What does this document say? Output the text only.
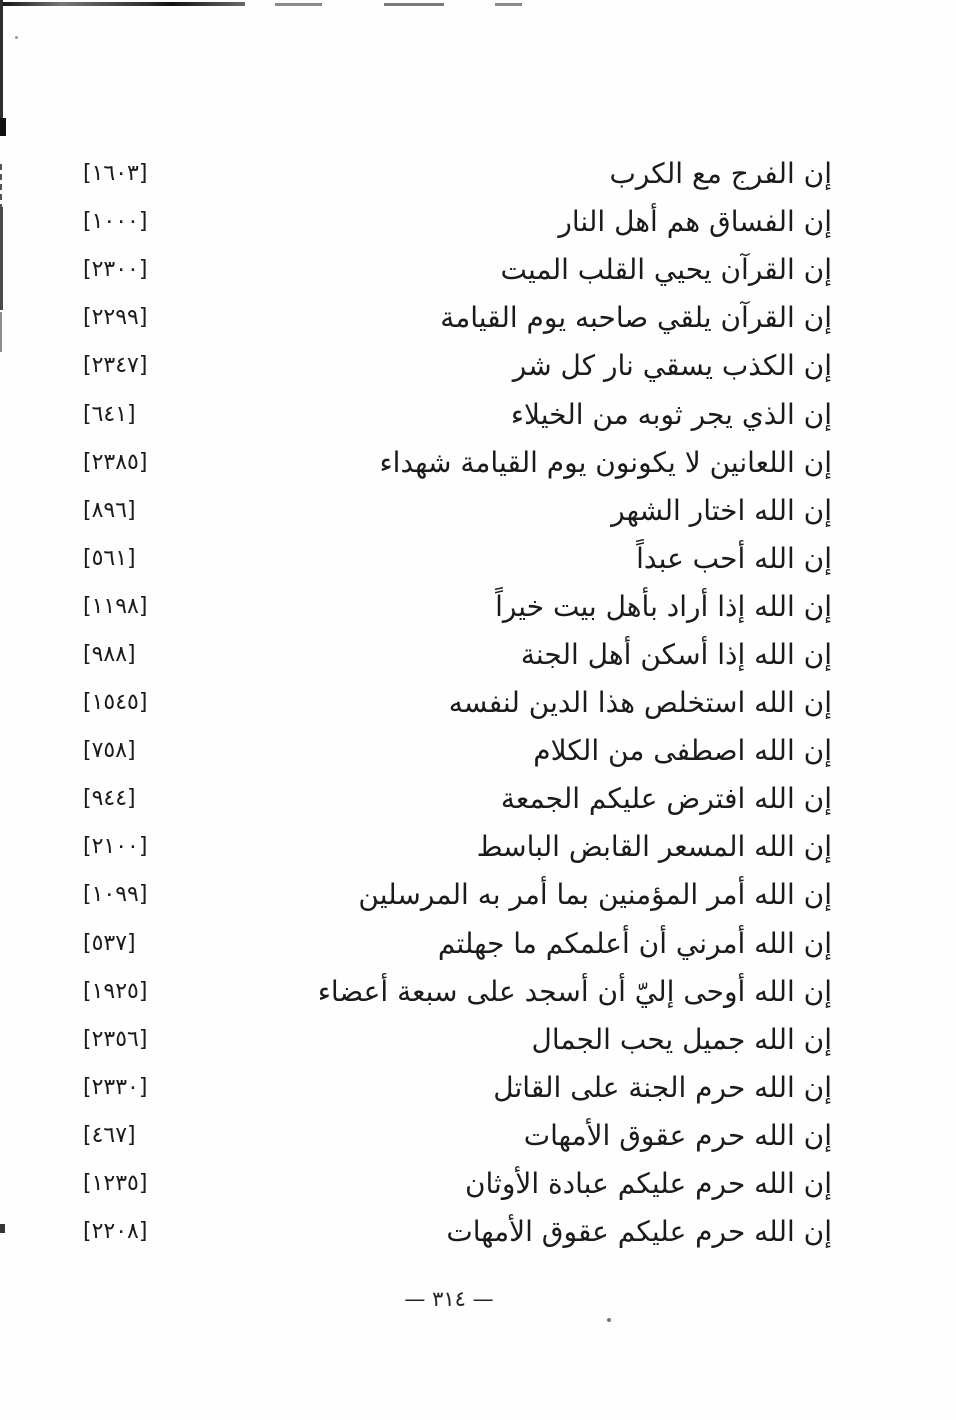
إن الفرج مع الكرب
[١٦٠٣]
إن الفساق هم أهل النار
[١٠٠٠]
إن القرآن يحيي القلب الميت
[٢٣٠٠]
إن القرآن يلقي صاحبه يوم القيامة
[٢٢٩٩]
إن الكذب يسقي نار كل شر
[٢٣٤٧]
إن الذي يجر ثوبه من الخيلاء
[٦٤١]
إن اللعانين لا يكونون يوم القيامة شهداء
[٢٣٨٥]
إن الله اختار الشهر
[٨٩٦]
إن الله أحب عبداً
[٥٦١]
إن الله إذا أراد بأهل بيت خيراً
[١١٩٨]
إن الله إذا أسكن أهل الجنة
[٩٨٨]
إن الله استخلص هذا الدين لنفسه
[١٥٤٥]
إن الله اصطفى من الكلام
[٧٥٨]
إن الله افترض عليكم الجمعة
[٩٤٤]
إن الله المسعر القابض الباسط
[٢١٠٠]
إن الله أمر المؤمنين بما أمر به المرسلين
[١٠٩٩]
إن الله أمرني أن أعلمكم ما جهلتم
[٥٣٧]
إن الله أوحى إليّ أن أسجد على سبعة أعضاء
[١٩٢٥]
إن الله جميل يحب الجمال
[٢٣٥٦]
إن الله حرم الجنة على القاتل
[٢٣٣٠]
إن الله حرم عقوق الأمهات
[٤٦٧]
إن الله حرم عليكم عبادة الأوثان
[١٢٣٥]
إن الله حرم عليكم عقوق الأمهات
[٢٢٠٨]
— ٣١٤ —
